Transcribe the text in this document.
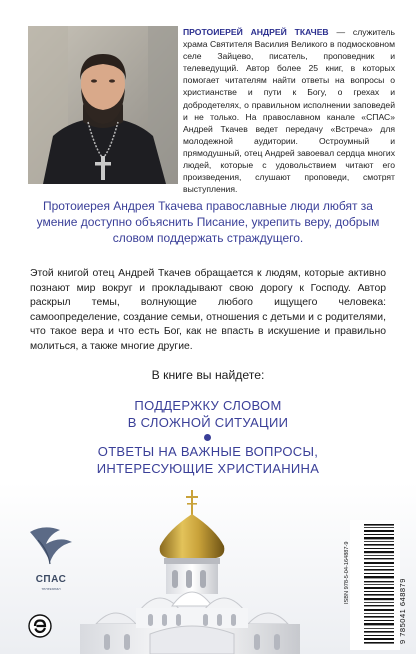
ПРОТОИЕРЕЙ АНДРЕЙ ТКАЧЕВ — служитель храма Святителя Василия Великого в подмосковном селе Зайцево, писатель, проповедник и телеведущий. Автор более 25 книг, в которых помогает читателям найти ответы на вопросы о христианстве и пути к Богу, о грехах и добродетелях, о правильном исполнении заповедей и не только. На православном канале «СПАС» Андрей Ткачев ведет передачу «Встреча» для молодежной аудитории. Остроумный и прямодушный, отец Андрей завоевал сердца многих людей, которые с удовольствием читают его произведения, слушают проповеди, смотрят выступления.
Протоиерея Андрея Ткачева православные люди любят за умение доступно объяснить Писание, укрепить веру, добрым словом поддержать страждущего.
Этой книгой отец Андрей Ткачев обращается к людям, которые активно познают мир вокруг и прокладывают свою дорогу к Господу. Автор раскрыл темы, волнующие любого ищущего человека: самоопределение, создание семьи, отношения с детьми и с родителями, что такое вера и что есть Бог, как не впасть в искушение и правильно молиться, а также многие другие.
В книге вы найдете:
ПОДДЕРЖКУ СЛОВОМ
В СЛОЖНОЙ СИТУАЦИИ
ОТВЕТЫ НА ВАЖНЫЕ ВОПРОСЫ,
ИНТЕРЕСУЮЩИЕ ХРИСТИАНИНА
СПАС
телеканал	ISBN 978-5-04-164887-9
9 785041 648879
